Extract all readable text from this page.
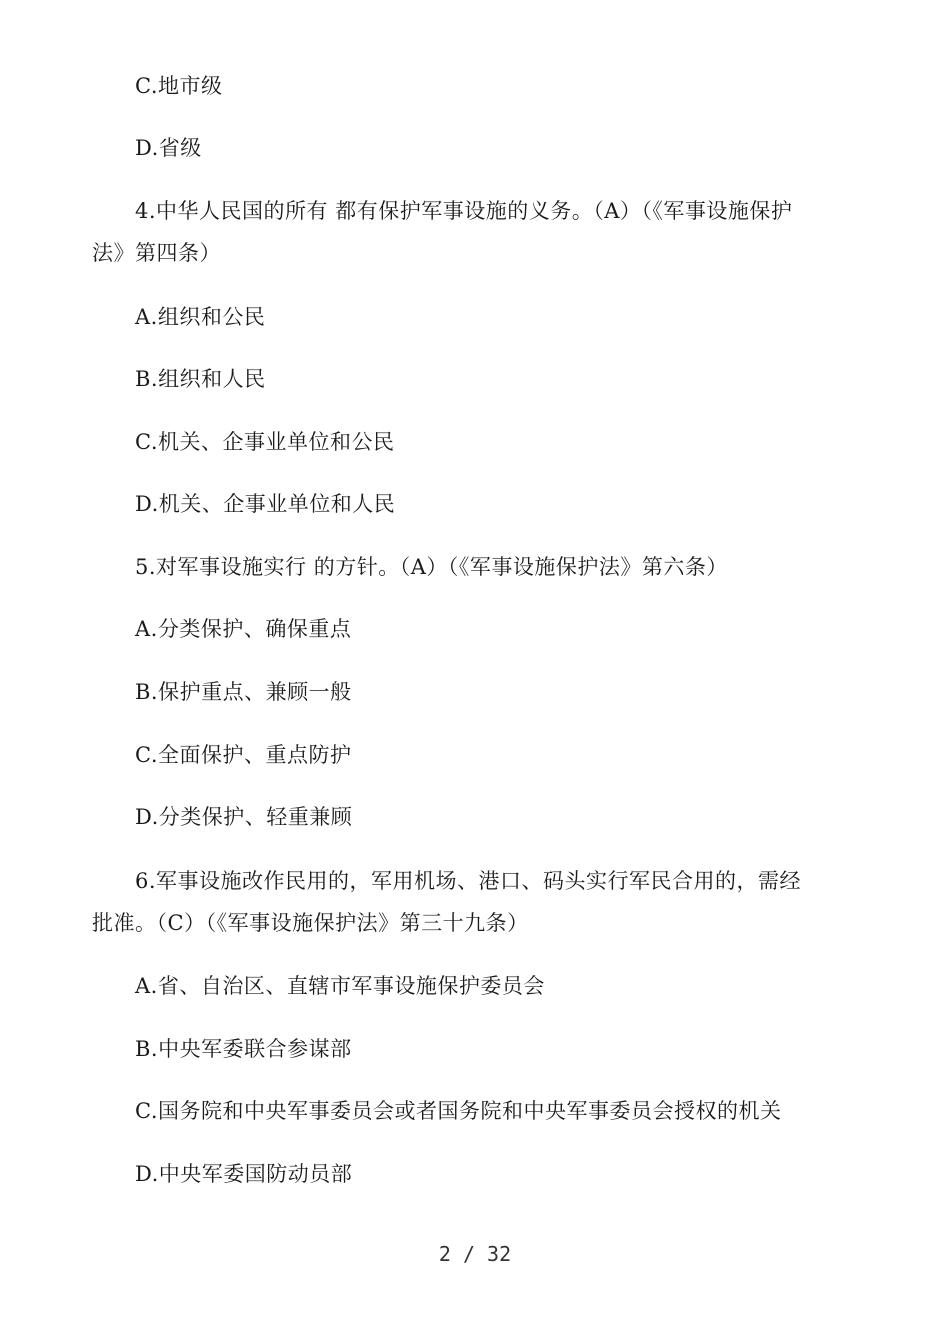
C.地市级
D.省级
4.中华人民国的所有 都有保护军事设施的义务。（A）（《军事设施保护
法》第四条）
A.组织和公民
B.组织和人民
C.机关、企事业单位和公民
D.机关、企事业单位和人民
5.对军事设施实行 的方针。（A）（《军事设施保护法》第六条）
A.分类保护、确保重点
B.保护重点、兼顾一般
C.全面保护、重点防护
D.分类保护、轻重兼顾
6.军事设施改作民用的，军用机场、港口、码头实行军民合用的，需经
批准。（C）（《军事设施保护法》第三十九条）
A.省、自治区、直辖市军事设施保护委员会
B.中央军委联合参谋部
C.国务院和中央军事委员会或者国务院和中央军事委员会授权的机关
D.中央军委国防动员部
2 / 32
